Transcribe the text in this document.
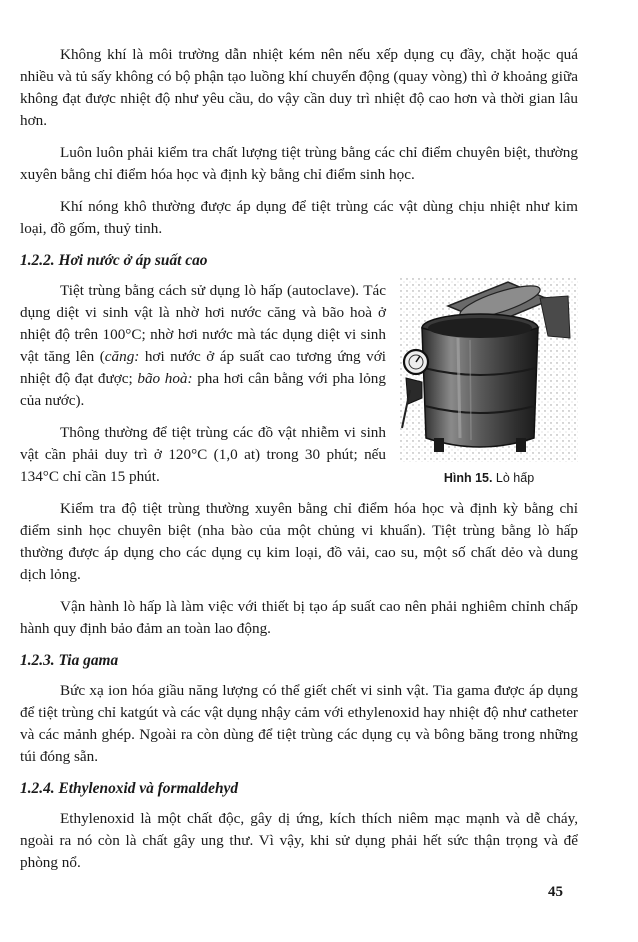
Không khí là môi trường dẫn nhiệt kém nên nếu xếp dụng cụ đầy, chặt hoặc quá nhiều và tủ sấy không có bộ phận tạo luồng khí chuyển động (quay vòng) thì ở khoảng giữa không đạt được nhiệt độ như yêu cầu, do vậy cần duy trì nhiệt độ cao hơn và thời gian lâu hơn.

Luôn luôn phải kiểm tra chất lượng tiệt trùng bằng các chỉ điểm chuyên biệt, thường xuyên bằng chỉ điểm hóa học và định kỳ bằng chỉ điểm sinh học.

Khí nóng khô thường được áp dụng để tiệt trùng các vật dùng chịu nhiệt như kim loại, đồ gốm, thuỷ tinh.

1.2.2. Hơi nước ở áp suất cao
Hình 15. Lò hấp

Tiệt trùng bằng cách sử dụng lò hấp (autoclave). Tác dụng diệt vi sinh vật là nhờ hơi nước căng và bão hoà ở nhiệt độ trên 100°C; nhờ hơi nước mà tác dụng diệt vi sinh vật tăng lên (căng: hơi nước ở áp suất cao tương ứng với nhiệt độ đạt được; bão hoà: pha hơi cân bằng với pha lỏng của nước).

Thông thường để tiệt trùng các đồ vật nhiễm vi sinh vật cần phải duy trì ở 120°C (1,0 at) trong 30 phút; nếu 134°C chỉ cần 15 phút.

Kiểm tra độ tiệt trùng thường xuyên bằng chỉ điểm hóa học và định kỳ bằng chỉ điểm sinh học chuyên biệt (nha bào của một chủng vi khuẩn). Tiệt trùng bằng lò hấp thường được áp dụng cho các dụng cụ kim loại, đồ vải, cao su, một số chất dẻo và dung dịch lỏng.

Vận hành lò hấp là làm việc với thiết bị tạo áp suất cao nên phải nghiêm chỉnh chấp hành quy định bảo đảm an toàn lao động.

1.2.3. Tia gama

Bức xạ ion hóa giầu năng lượng có thể giết chết vi sinh vật. Tia gama được áp dụng để tiệt trùng chỉ katgút và các vật dụng nhậy cảm với ethylenoxid hay nhiệt độ như catheter và các mảnh ghép. Ngoài ra còn dùng để tiệt trùng các dụng cụ và bông băng trong những túi đóng sẵn.

1.2.4. Ethylenoxid và formaldehyd

Ethylenoxid là một chất độc, gây dị ứng, kích thích niêm mạc mạnh và dễ cháy, ngoài ra nó còn là chất gây ung thư. Vì vậy, khi sử dụng phải hết sức thận trọng và để phòng nổ.

45
